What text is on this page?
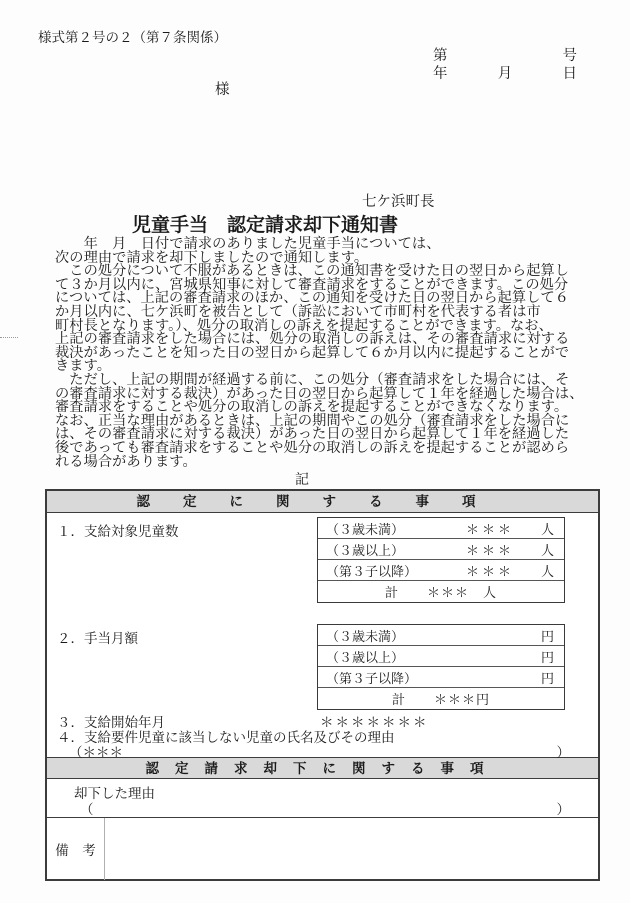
様式第２号の２（第７条関係）
第	号
年	月	日
様
七ケ浜町長
児童手当　認定請求却下通知書
　　年　月　日付で請求のありました児童手当については、
次の理由で請求を却下しましたので通知します。
　この処分について不服があるときは、この通知書を受けた日の翌日から起算し
て３か月以内に、宮城県知事に対して審査請求をすることができます。この処分
については、上記の審査請求のほか、この通知を受けた日の翌日から起算して６
か月以内に、七ケ浜町を被告として（訴訟において市町村を代表する者は市
町村長となります。）、処分の取消しの訴えを提起することができます。なお、
上記の審査請求をした場合には、処分の取消しの訴えは、その審査請求に対する
裁決があったことを知った日の翌日から起算して６か月以内に提起することがで
きます。
　ただし、上記の期間が経過する前に、この処分（審査請求をした場合には、そ
の審査請求に対する裁決）があった日の翌日から起算して１年を経過した場合は、
審査請求をすることや処分の取消しの訴えを提起することができなくなります。
なお、正当な理由があるときは、上記の期間やこの処分（審査請求をした場合に
は、その審査請求に対する裁決）があった日の翌日から起算して１年を経過した
後であっても審査請求をすることや処分の取消しの訴えを提起することが認めら
れる場合があります。
記
認定に関する事項
１．支給対象児童数	（３歳未満）	＊＊＊	人
（３歳以上）	＊＊＊	人
（第３子以降）	＊＊＊	人
計　　＊＊＊　人
２．手当月額	（３歳未満）	円
（３歳以上）	円
（第３子以降）	円
計　　＊＊＊円
３．支給開始年月	＊＊＊＊＊＊＊
４．支給要件児童に該当しない児童の氏名及びその理由
（＊＊＊	）
認定請求却下に関する事項
却下した理由
（	）
備　考
